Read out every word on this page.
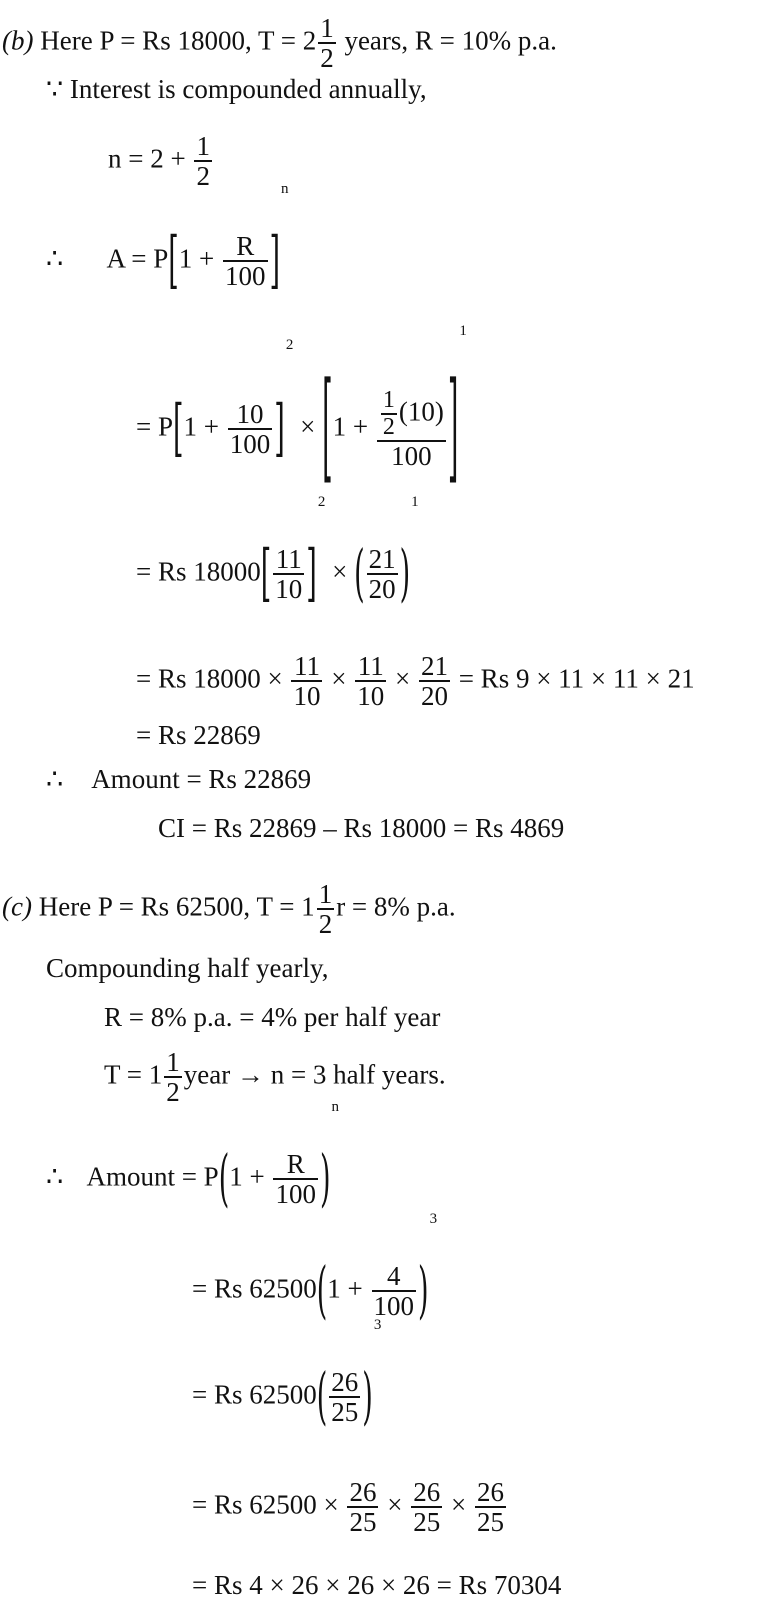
(b) Here P = Rs 18000, $T = 2 \frac{1}{2}$ years, R = 10% p.a.
∵ Interest is compounded annually,
$n = 2 + \frac{1}{2}$
∴ $A = P[1 + \frac{R}{100} ]^n$
= $P[1 + \frac{10}{100} ]^2 \times [1 + \frac{\frac{1}{2} (10)}{100} ]^1$
= Rs $18000[ \frac{11}{10} ]^2$ × ( $\frac{21}{20} )^1$
= Rs $18000 \times \frac{11}{10} \times \frac{11}{10} \times \frac{21}{20} = Rs$ 9 × 11 × 11 × 21
= Rs 22869
∴ Amount = Rs 22869
CI = Rs 22869 – Rs 18000 = Rs 4869
(c) Here P = Rs 62500, $T = 1 \frac{1}{2}$ r = 8% p.a.
Compounding half yearly,
R = 8% p.a. = 4% per half year
$T = 1 \frac{1}{2}$ year → n = 3 half years.
∴ Amount = $P(1 + \frac{R}{100} )^n$
= Rs $62500(1 + \frac{4}{100} )^3$
= Rs $62500( \frac{26}{25} )^3$
= Rs $62500 \times \frac{26}{25} \times \frac{26}{25} \times \frac{26}{25}$
= Rs 4 × 26 × 26 × 26 = Rs 70304
